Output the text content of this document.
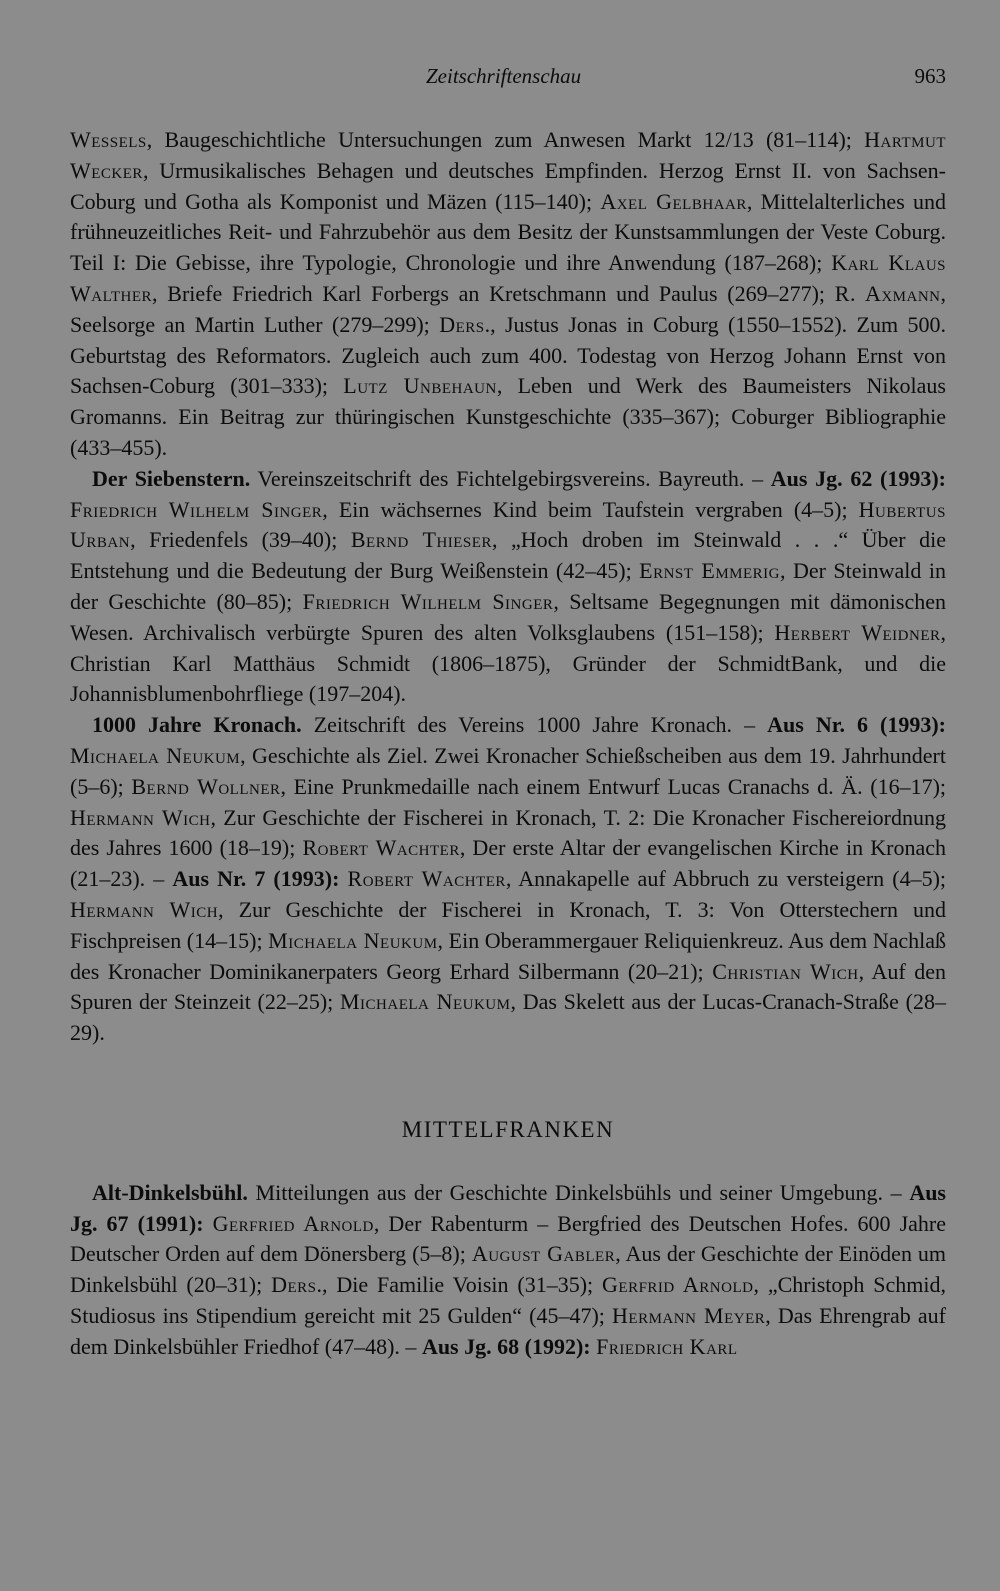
Zeitschriftenschau	963

Wessels, Baugeschichtliche Untersuchungen zum Anwesen Markt 12/13 (81–114); Hartmut Wecker, Urmusikalisches Behagen und deutsches Empfinden. Herzog Ernst II. von Sachsen-Coburg und Gotha als Komponist und Mäzen (115–140); Axel Gelbhaar, Mittelalterliches und frühneuzeitliches Reit- und Fahrzubehör aus dem Besitz der Kunstsammlungen der Veste Coburg. Teil I: Die Gebisse, ihre Typologie, Chronologie und ihre Anwendung (187–268); Karl Klaus Walther, Briefe Friedrich Karl Forbergs an Kretschmann und Paulus (269–277); R. Axmann, Seelsorge an Martin Luther (279–299); Ders., Justus Jonas in Coburg (1550–1552). Zum 500. Geburtstag des Reformators. Zugleich auch zum 400. Todestag von Herzog Johann Ernst von Sachsen-Coburg (301–333); Lutz Unbehaun, Leben und Werk des Baumeisters Nikolaus Gromanns. Ein Beitrag zur thüringischen Kunstgeschichte (335–367); Coburger Bibliographie (433–455).

Der Siebenstern. Vereinszeitschrift des Fichtelgebirgsvereins. Bayreuth. – Aus Jg. 62 (1993): Friedrich Wilhelm Singer, Ein wächsernes Kind beim Taufstein vergraben (4–5); Hubertus Urban, Friedenfels (39–40); Bernd Thieser, „Hoch droben im Steinwald . . .“ Über die Entstehung und die Bedeutung der Burg Weißenstein (42–45); Ernst Emmerig, Der Steinwald in der Geschichte (80–85); Friedrich Wilhelm Singer, Seltsame Begegnungen mit dämonischen Wesen. Archivalisch verbürgte Spuren des alten Volksglaubens (151–158); Herbert Weidner, Christian Karl Matthäus Schmidt (1806–1875), Gründer der SchmidtBank, und die Johannisblumenbohrfliege (197–204).

1000 Jahre Kronach. Zeitschrift des Vereins 1000 Jahre Kronach. – Aus Nr. 6 (1993): Michaela Neukum, Geschichte als Ziel. Zwei Kronacher Schießscheiben aus dem 19. Jahrhundert (5–6); Bernd Wollner, Eine Prunkmedaille nach einem Entwurf Lucas Cranachs d. Ä. (16–17); Hermann Wich, Zur Geschichte der Fischerei in Kronach, T. 2: Die Kronacher Fischereiordnung des Jahres 1600 (18–19); Robert Wachter, Der erste Altar der evangelischen Kirche in Kronach (21–23). – Aus Nr. 7 (1993): Robert Wachter, Annakapelle auf Abbruch zu versteigern (4–5); Hermann Wich, Zur Geschichte der Fischerei in Kronach, T. 3: Von Otterstechern und Fischpreisen (14–15); Michaela Neukum, Ein Oberammergauer Reliquienkreuz. Aus dem Nachlaß des Kronacher Dominikanerpaters Georg Erhard Silbermann (20–21); Christian Wich, Auf den Spuren der Steinzeit (22–25); Michaela Neukum, Das Skelett aus der Lucas-Cranach-Straße (28–29).

MITTELFRANKEN

Alt-Dinkelsbühl. Mitteilungen aus der Geschichte Dinkelsbühls und seiner Umgebung. – Aus Jg. 67 (1991): Gerfried Arnold, Der Rabenturm – Bergfried des Deutschen Hofes. 600 Jahre Deutscher Orden auf dem Dönersberg (5–8); August Gabler, Aus der Geschichte der Einöden um Dinkelsbühl (20–31); Ders., Die Familie Voisin (31–35); Gerfrid Arnold, „Christoph Schmid, Studiosus ins Stipendium gereicht mit 25 Gulden“ (45–47); Hermann Meyer, Das Ehrengrab auf dem Dinkelsbühler Friedhof (47–48). – Aus Jg. 68 (1992): Friedrich Karl
